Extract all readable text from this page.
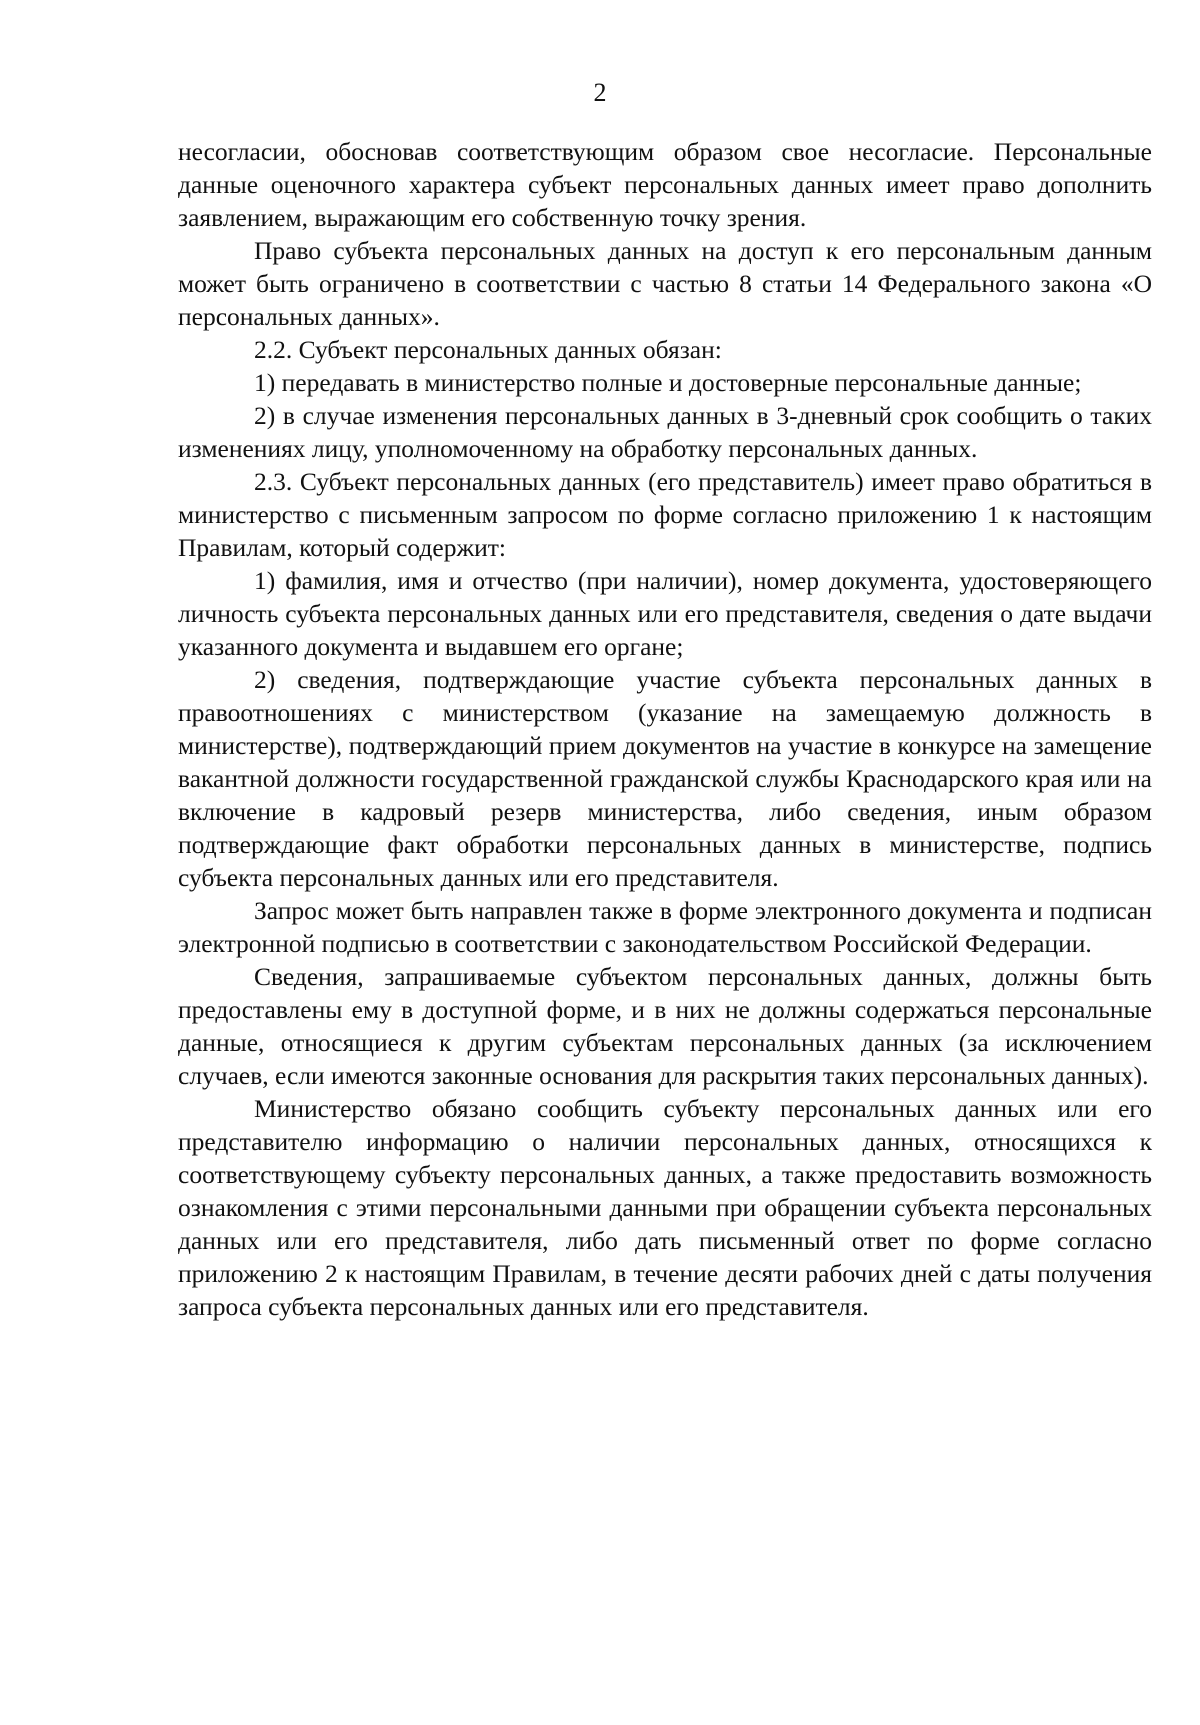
2

несогласии, обосновав соответствующим образом свое несогласие. Персональные данные оценочного характера субъект персональных данных имеет право дополнить заявлением, выражающим его собственную точку зрения.

Право субъекта персональных данных на доступ к его персональным данным может быть ограничено в соответствии с частью 8 статьи 14 Федерального закона «О персональных данных».

2.2. Субъект персональных данных обязан:

1) передавать в министерство полные и достоверные персональные данные;

2) в случае изменения персональных данных в 3-дневный срок сообщить о таких изменениях лицу, уполномоченному на обработку персональных данных.

2.3. Субъект персональных данных (его представитель) имеет право обратиться в министерство с письменным запросом по форме согласно приложению 1 к настоящим Правилам, который содержит:

1) фамилия, имя и отчество (при наличии), номер документа, удостоверяющего личность субъекта персональных данных или его представителя, сведения о дате выдачи указанного документа и выдавшем его органе;

2) сведения, подтверждающие участие субъекта персональных данных в правоотношениях с министерством (указание на замещаемую должность в министерстве), подтверждающий прием документов на участие в конкурсе на замещение вакантной должности государственной гражданской службы Краснодарского края или на включение в кадровый резерв министерства, либо сведения, иным образом подтверждающие факт обработки персональных данных в министерстве, подпись субъекта персональных данных или его представителя.

Запрос может быть направлен также в форме электронного документа и подписан электронной подписью в соответствии с законодательством Российской Федерации.

Сведения, запрашиваемые субъектом персональных данных, должны быть предоставлены ему в доступной форме, и в них не должны содержаться персональные данные, относящиеся к другим субъектам персональных данных (за исключением случаев, если имеются законные основания для раскрытия таких персональных данных).

Министерство обязано сообщить субъекту персональных данных или его представителю информацию о наличии персональных данных, относящихся к соответствующему субъекту персональных данных, а также предоставить возможность ознакомления с этими персональными данными при обращении субъекта персональных данных или его представителя, либо дать письменный ответ по форме согласно приложению 2 к настоящим Правилам, в течение десяти рабочих дней с даты получения запроса субъекта персональных данных или его представителя.
